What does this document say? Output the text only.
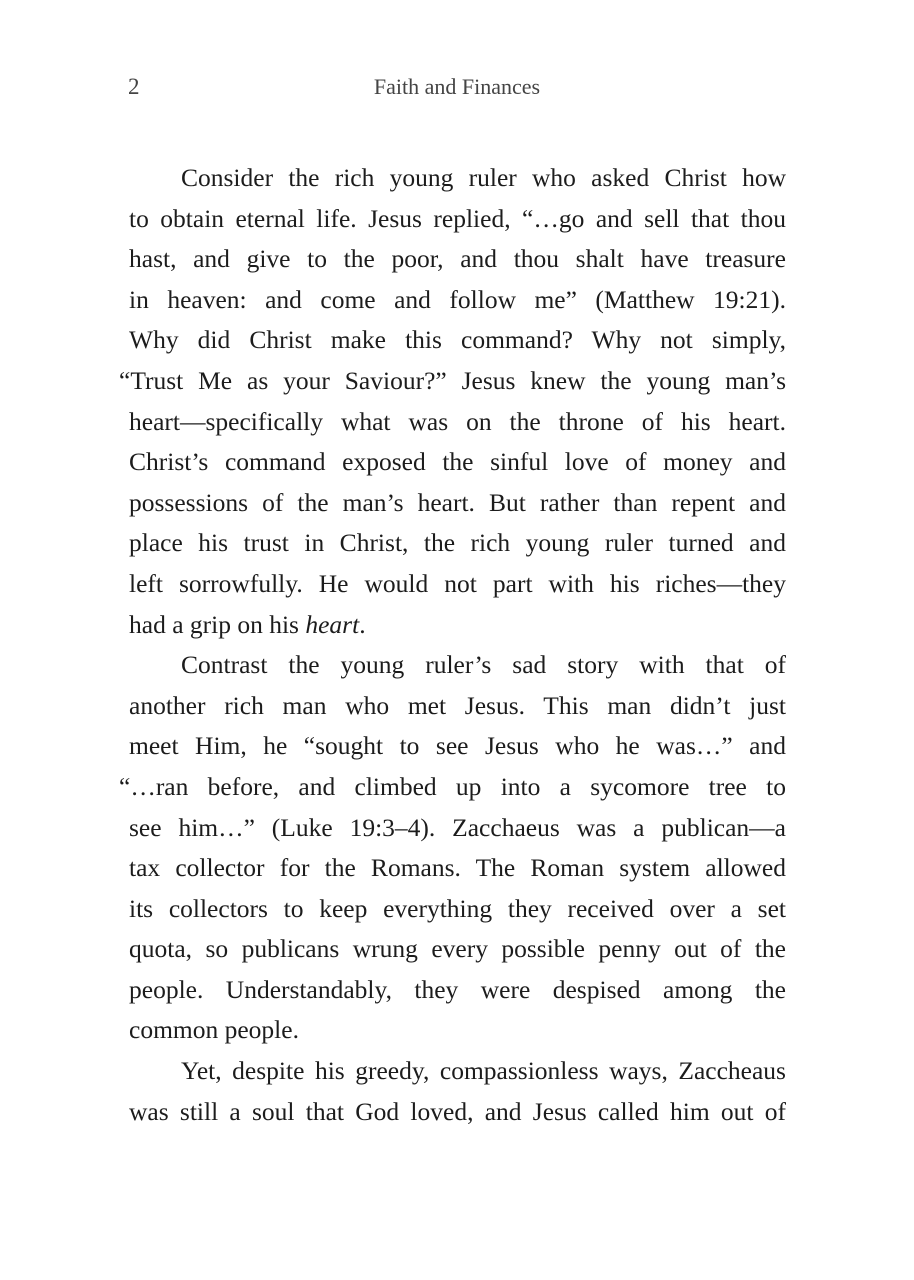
2	Faith and Finances
Consider the rich young ruler who asked Christ how
to obtain eternal life. Jesus replied, “…go and sell that thou
hast, and give to the poor, and thou shalt have treasure
in heaven: and come and follow me” (Matthew 19:21).
Why did Christ make this command? Why not simply,
“Trust Me as your Saviour?” Jesus knew the young man’s
heart—specifically what was on the throne of his heart.
Christ’s command exposed the sinful love of money and
possessions of the man’s heart. But rather than repent and
place his trust in Christ, the rich young ruler turned and
left sorrowfully. He would not part with his riches—they
had a grip on his heart.
Contrast the young ruler’s sad story with that of
another rich man who met Jesus. This man didn’t just
meet Him, he “sought to see Jesus who he was…” and
“…ran before, and climbed up into a sycomore tree to
see him…” (Luke 19:3–4). Zacchaeus was a publican—a
tax collector for the Romans. The Roman system allowed
its collectors to keep everything they received over a set
quota, so publicans wrung every possible penny out of the
people. Understandably, they were despised among the
common people.
Yet, despite his greedy, compassionless ways, Zaccheaus
was still a soul that God loved, and Jesus called him out of
